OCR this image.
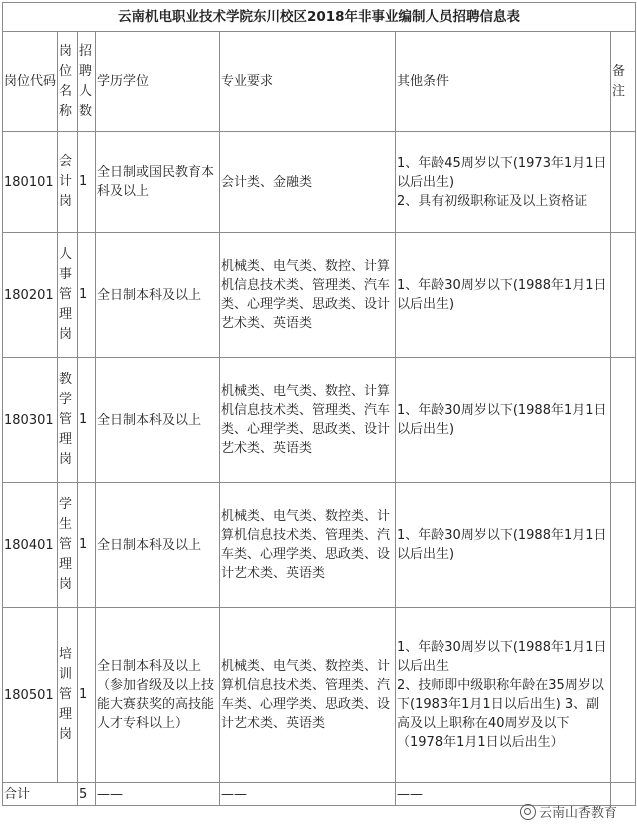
云南机电职业技术学院东川校区2018年非事业编制人员招聘信息表						
岗位代码	岗位名称	招聘人数	学历学位	专业要求	其他条件	备注
180101	会计岗	1	全日制或国民教育本科及以上	会计类、金融类	1、年龄45周岁以下(1973年1月1日以后出生)
2、具有初级职称证及以上资格证	
180201	人事管理岗	1	全日制本科及以上	机械类、电气类、数控、计算机信息技术类、管理类、汽车类、心理学类、思政类、设计艺术类、英语类	1、年龄30周岁以下(1988年1月1日以后出生)	
180301	教学管理岗	1	全日制本科及以上	机械类、电气类、数控、计算机信息技术类、管理类、汽车类、心理学类、思政类、设计艺术类、英语类	1、年龄30周岁以下(1988年1月1日以后出生)	
180401	学生管理岗	1	全日制本科及以上	机械类、电气类、数控类、计算机信息技术类、管理类、汽车类、心理学类、思政类、设计艺术类、英语类	1、年龄30周岁以下(1988年1月1日以后出生)	
180501	培训管理岗	1	全日制本科及以上（参加省级及以上技能大赛获奖的高技能人才专科以上）	机械类、电气类、数控类、计算机信息技术类、管理类、汽车类、心理学类、思政类、设计艺术类、英语类	1、年龄30周岁以下(1988年1月1日以后出生
2、技师即中级职称年龄在35周岁以下(1983年1月1日以后出生) 3、副高及以上职称在40周岁及以下（1978年1月1日以后出生）	
合计		5	——	——	——	
云南山香教育
